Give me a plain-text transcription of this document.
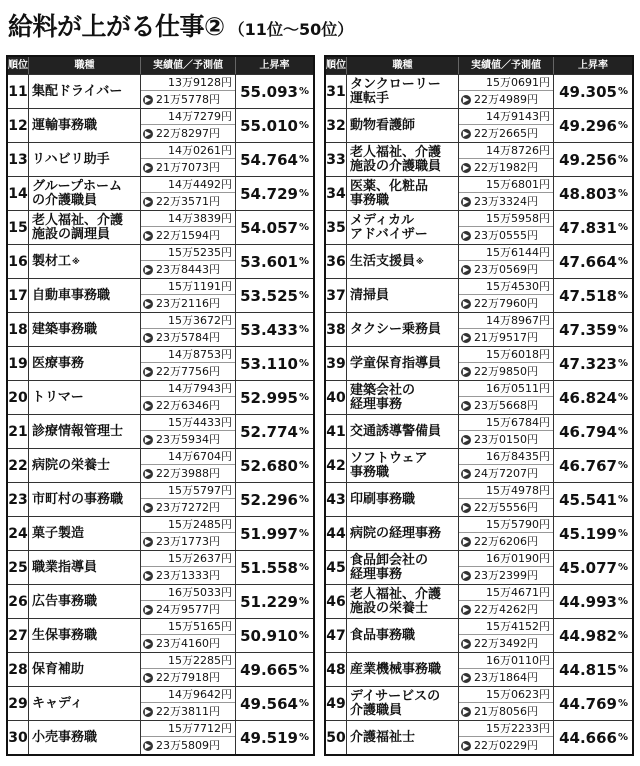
給料が上がる仕事② （11位〜50位）
順位	職種	実績値／予測値	上昇率
11 集配ドライバー
13万9128円
▶ 21万5778円 55.093 %
12 運輸事務職
14万7279円
▶ 22万8297円 55.010 %
13 リハビリ助手
14万0261円
▶ 21万7073円 54.764 %
14 グループホーム
の介護職員
14万4492円
▶ 22万3571円 54.729 %
15 老人福祉、介護
施設の調理員
14万3839円
▶ 22万1594円 54.057 %
16 製材工 ※
15万5235円
▶ 23万8443円 53.601 %
17 自動車事務職
15万1191円
▶ 23万2116円 53.525 %
18 建築事務職
15万3672円
▶ 23万5784円 53.433 %
19 医療事務
14万8753円
▶ 22万7756円 53.110 %
20 トリマー
14万7943円
▶ 22万6346円 52.995 %
21 診療情報管理士
15万4433円
▶ 23万5934円 52.774 %
22 病院の栄養士
14万6704円
▶ 22万3988円 52.680 %
23 市町村の事務職
15万5797円
▶ 23万7272円 52.296 %
24 菓子製造
15万2485円
▶ 23万1773円 51.997 %
25 職業指導員
15万2637円
▶ 23万1333円 51.558 %
26 広告事務職
16万5033円
▶ 24万9577円 51.229 %
27 生保事務職
15万5165円
▶ 23万4160円 50.910 %
28 保育補助
15万2285円
▶ 22万7918円 49.665 %
29 キャディ
14万9642円
▶ 22万3811円 49.564 %
30 小売事務職
15万7712円
▶ 23万5809円 49.519 %
順位	職種	実績値／予測値	上昇率
31 タンクローリー
運転手
15万0691円
▶ 22万4989円 49.305 %
32 動物看護師
14万9143円
▶ 22万2665円 49.296 %
33 老人福祉、介護
施設の介護職員
14万8726円
▶ 22万1982円 49.256 %
34 医薬、化粧品
事務職
15万6801円
▶ 23万3324円 48.803 %
35 メディカル
アドバイザー
15万5958円
▶ 23万0555円 47.831 %
36 生活支援員 ※
15万6144円
▶ 23万0569円 47.664 %
37 清掃員
15万4530円
▶ 22万7960円 47.518 %
38 タクシー乗務員
14万8967円
▶ 21万9517円 47.359 %
39 学童保育指導員
15万6018円
▶ 22万9850円 47.323 %
40 建築会社の
経理事務
16万0511円
▶ 23万5668円 46.824 %
41 交通誘導警備員
15万6784円
▶ 23万0150円 46.794 %
42 ソフトウェア
事務職
16万8435円
▶ 24万7207円 46.767 %
43 印刷事務職
15万4978円
▶ 22万5556円 45.541 %
44 病院の経理事務
15万5790円
▶ 22万6206円 45.199 %
45 食品卸会社の
経理事務
16万0190円
▶ 23万2399円 45.077 %
46 老人福祉、介護
施設の栄養士
15万4671円
▶ 22万4262円 44.993 %
47 食品事務職
15万4152円
▶ 22万3492円 44.982 %
48 産業機械事務職
16万0110円
▶ 23万1864円 44.815 %
49 デイサービスの
介護職員
15万0623円
▶ 21万8056円 44.769 %
50 介護福祉士
15万2233円
▶ 22万0229円 44.666 %
